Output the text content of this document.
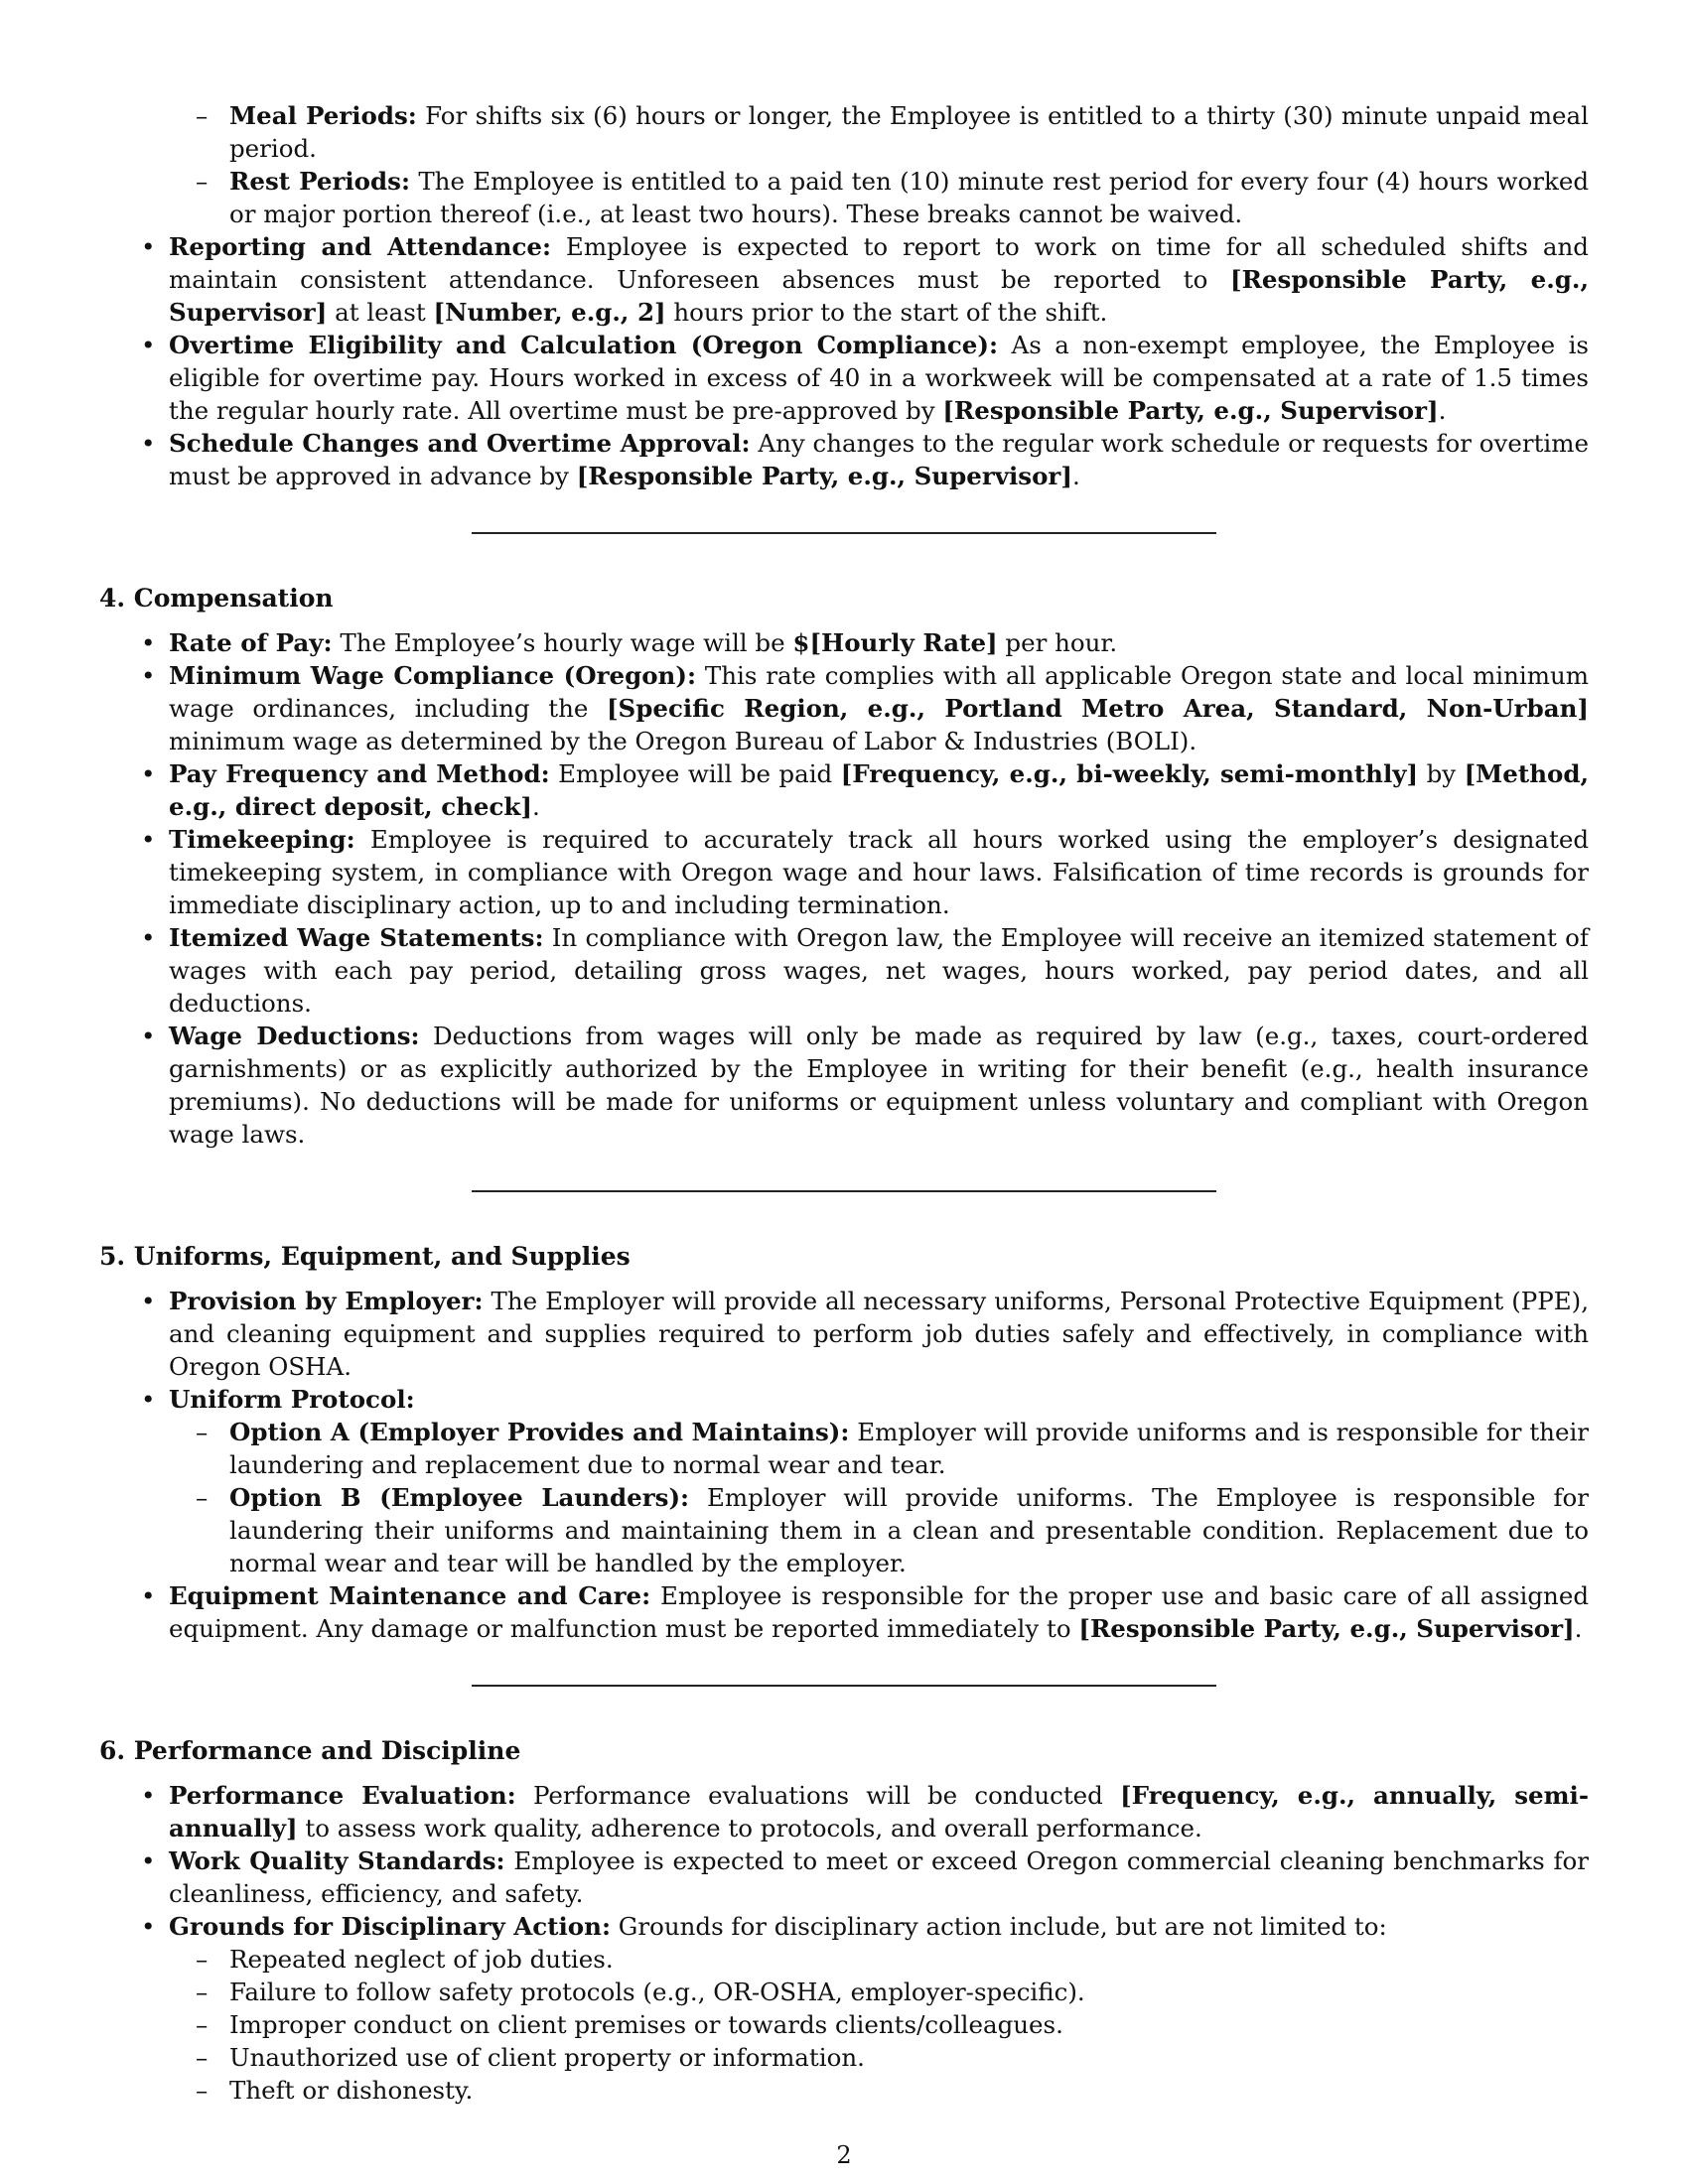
– Meal Periods: For shifts six (6) hours or longer, the Employee is entitled to a thirty (30) minute unpaid meal period.
– Rest Periods: The Employee is entitled to a paid ten (10) minute rest period for every four (4) hours worked or major portion thereof (i.e., at least two hours). These breaks cannot be waived.
• Reporting and Attendance: Employee is expected to report to work on time for all scheduled shifts and maintain consistent attendance. Unforeseen absences must be reported to [Responsible Party, e.g., Supervisor] at least [Number, e.g., 2] hours prior to the start of the shift.
• Overtime Eligibility and Calculation (Oregon Compliance): As a non-exempt employee, the Employee is eligible for overtime pay. Hours worked in excess of 40 in a workweek will be compensated at a rate of 1.5 times the regular hourly rate. All overtime must be pre-approved by [Responsible Party, e.g., Supervisor].
• Schedule Changes and Overtime Approval: Any changes to the regular work schedule or requests for overtime must be approved in advance by [Responsible Party, e.g., Supervisor].
4. Compensation
• Rate of Pay: The Employee’s hourly wage will be $[Hourly Rate] per hour.
• Minimum Wage Compliance (Oregon): This rate complies with all applicable Oregon state and local minimum wage ordinances, including the [Specific Region, e.g., Portland Metro Area, Standard, Non-Urban] minimum wage as determined by the Oregon Bureau of Labor & Industries (BOLI).
• Pay Frequency and Method: Employee will be paid [Frequency, e.g., bi-weekly, semi-monthly] by [Method, e.g., direct deposit, check].
• Timekeeping: Employee is required to accurately track all hours worked using the employer’s designated timekeeping system, in compliance with Oregon wage and hour laws. Falsification of time records is grounds for immediate disciplinary action, up to and including termination.
• Itemized Wage Statements: In compliance with Oregon law, the Employee will receive an itemized statement of wages with each pay period, detailing gross wages, net wages, hours worked, pay period dates, and all deductions.
• Wage Deductions: Deductions from wages will only be made as required by law (e.g., taxes, court-ordered garnishments) or as explicitly authorized by the Employee in writing for their benefit (e.g., health insurance premiums). No deductions will be made for uniforms or equipment unless voluntary and compliant with Oregon wage laws.
5. Uniforms, Equipment, and Supplies
• Provision by Employer: The Employer will provide all necessary uniforms, Personal Protective Equipment (PPE), and cleaning equipment and supplies required to perform job duties safely and effectively, in compliance with Oregon OSHA.
• Uniform Protocol:
– Option A (Employer Provides and Maintains): Employer will provide uniforms and is responsible for their laundering and replacement due to normal wear and tear.
– Option B (Employee Launders): Employer will provide uniforms. The Employee is responsible for laundering their uniforms and maintaining them in a clean and presentable condition. Replacement due to normal wear and tear will be handled by the employer.
• Equipment Maintenance and Care: Employee is responsible for the proper use and basic care of all assigned equipment. Any damage or malfunction must be reported immediately to [Responsible Party, e.g., Supervisor].
6. Performance and Discipline
• Performance Evaluation: Performance evaluations will be conducted [Frequency, e.g., annually, semi-annually] to assess work quality, adherence to protocols, and overall performance.
• Work Quality Standards: Employee is expected to meet or exceed Oregon commercial cleaning benchmarks for cleanliness, efficiency, and safety.
• Grounds for Disciplinary Action: Grounds for disciplinary action include, but are not limited to:
– Repeated neglect of job duties.
– Failure to follow safety protocols (e.g., OR-OSHA, employer-specific).
– Improper conduct on client premises or towards clients/colleagues.
– Unauthorized use of client property or information.
– Theft or dishonesty.
2
